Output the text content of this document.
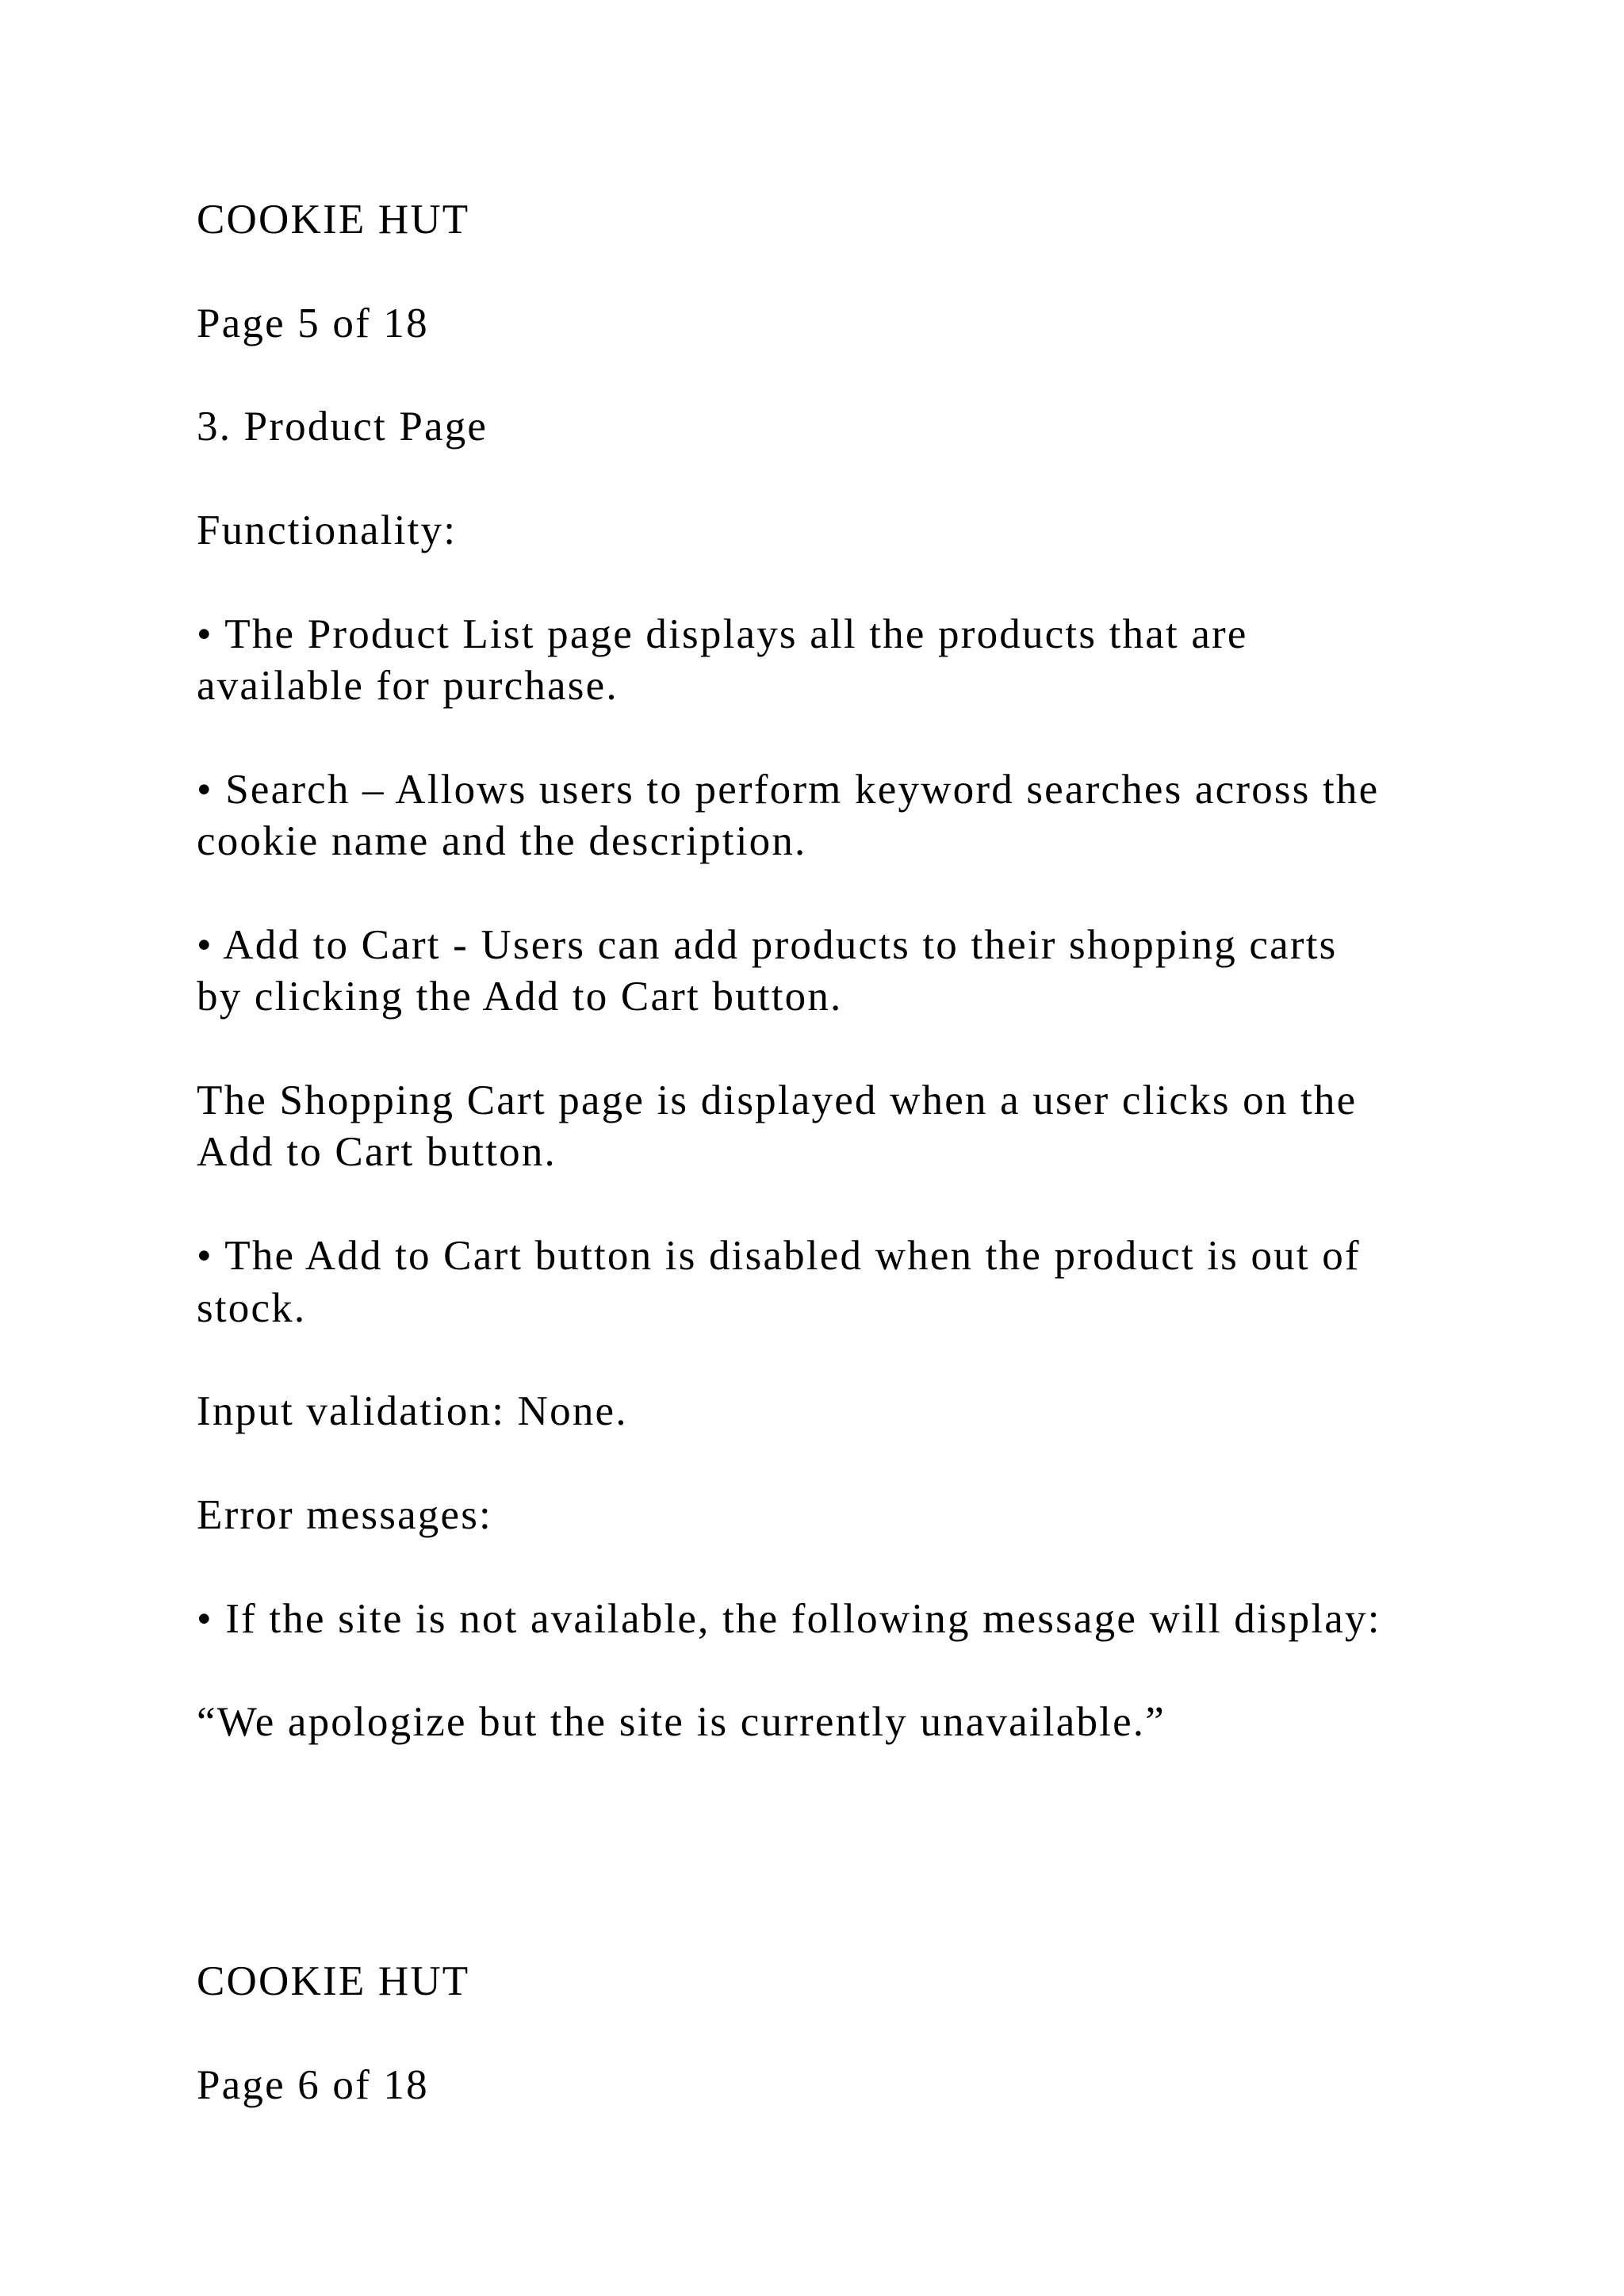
COOKIE HUT
Page 5 of 18
3. Product Page
Functionality:
• The Product List page displays all the products that are
available for purchase.
• Search – Allows users to perform keyword searches across the
cookie name and the description.
• Add to Cart - Users can add products to their shopping carts
by clicking the Add to Cart button.
The Shopping Cart page is displayed when a user clicks on the
Add to Cart button.
• The Add to Cart button is disabled when the product is out of
stock.
Input validation: None.
Error messages:
• If the site is not available, the following message will display:
“We apologize but the site is currently unavailable.”
COOKIE HUT
Page 6 of 18
